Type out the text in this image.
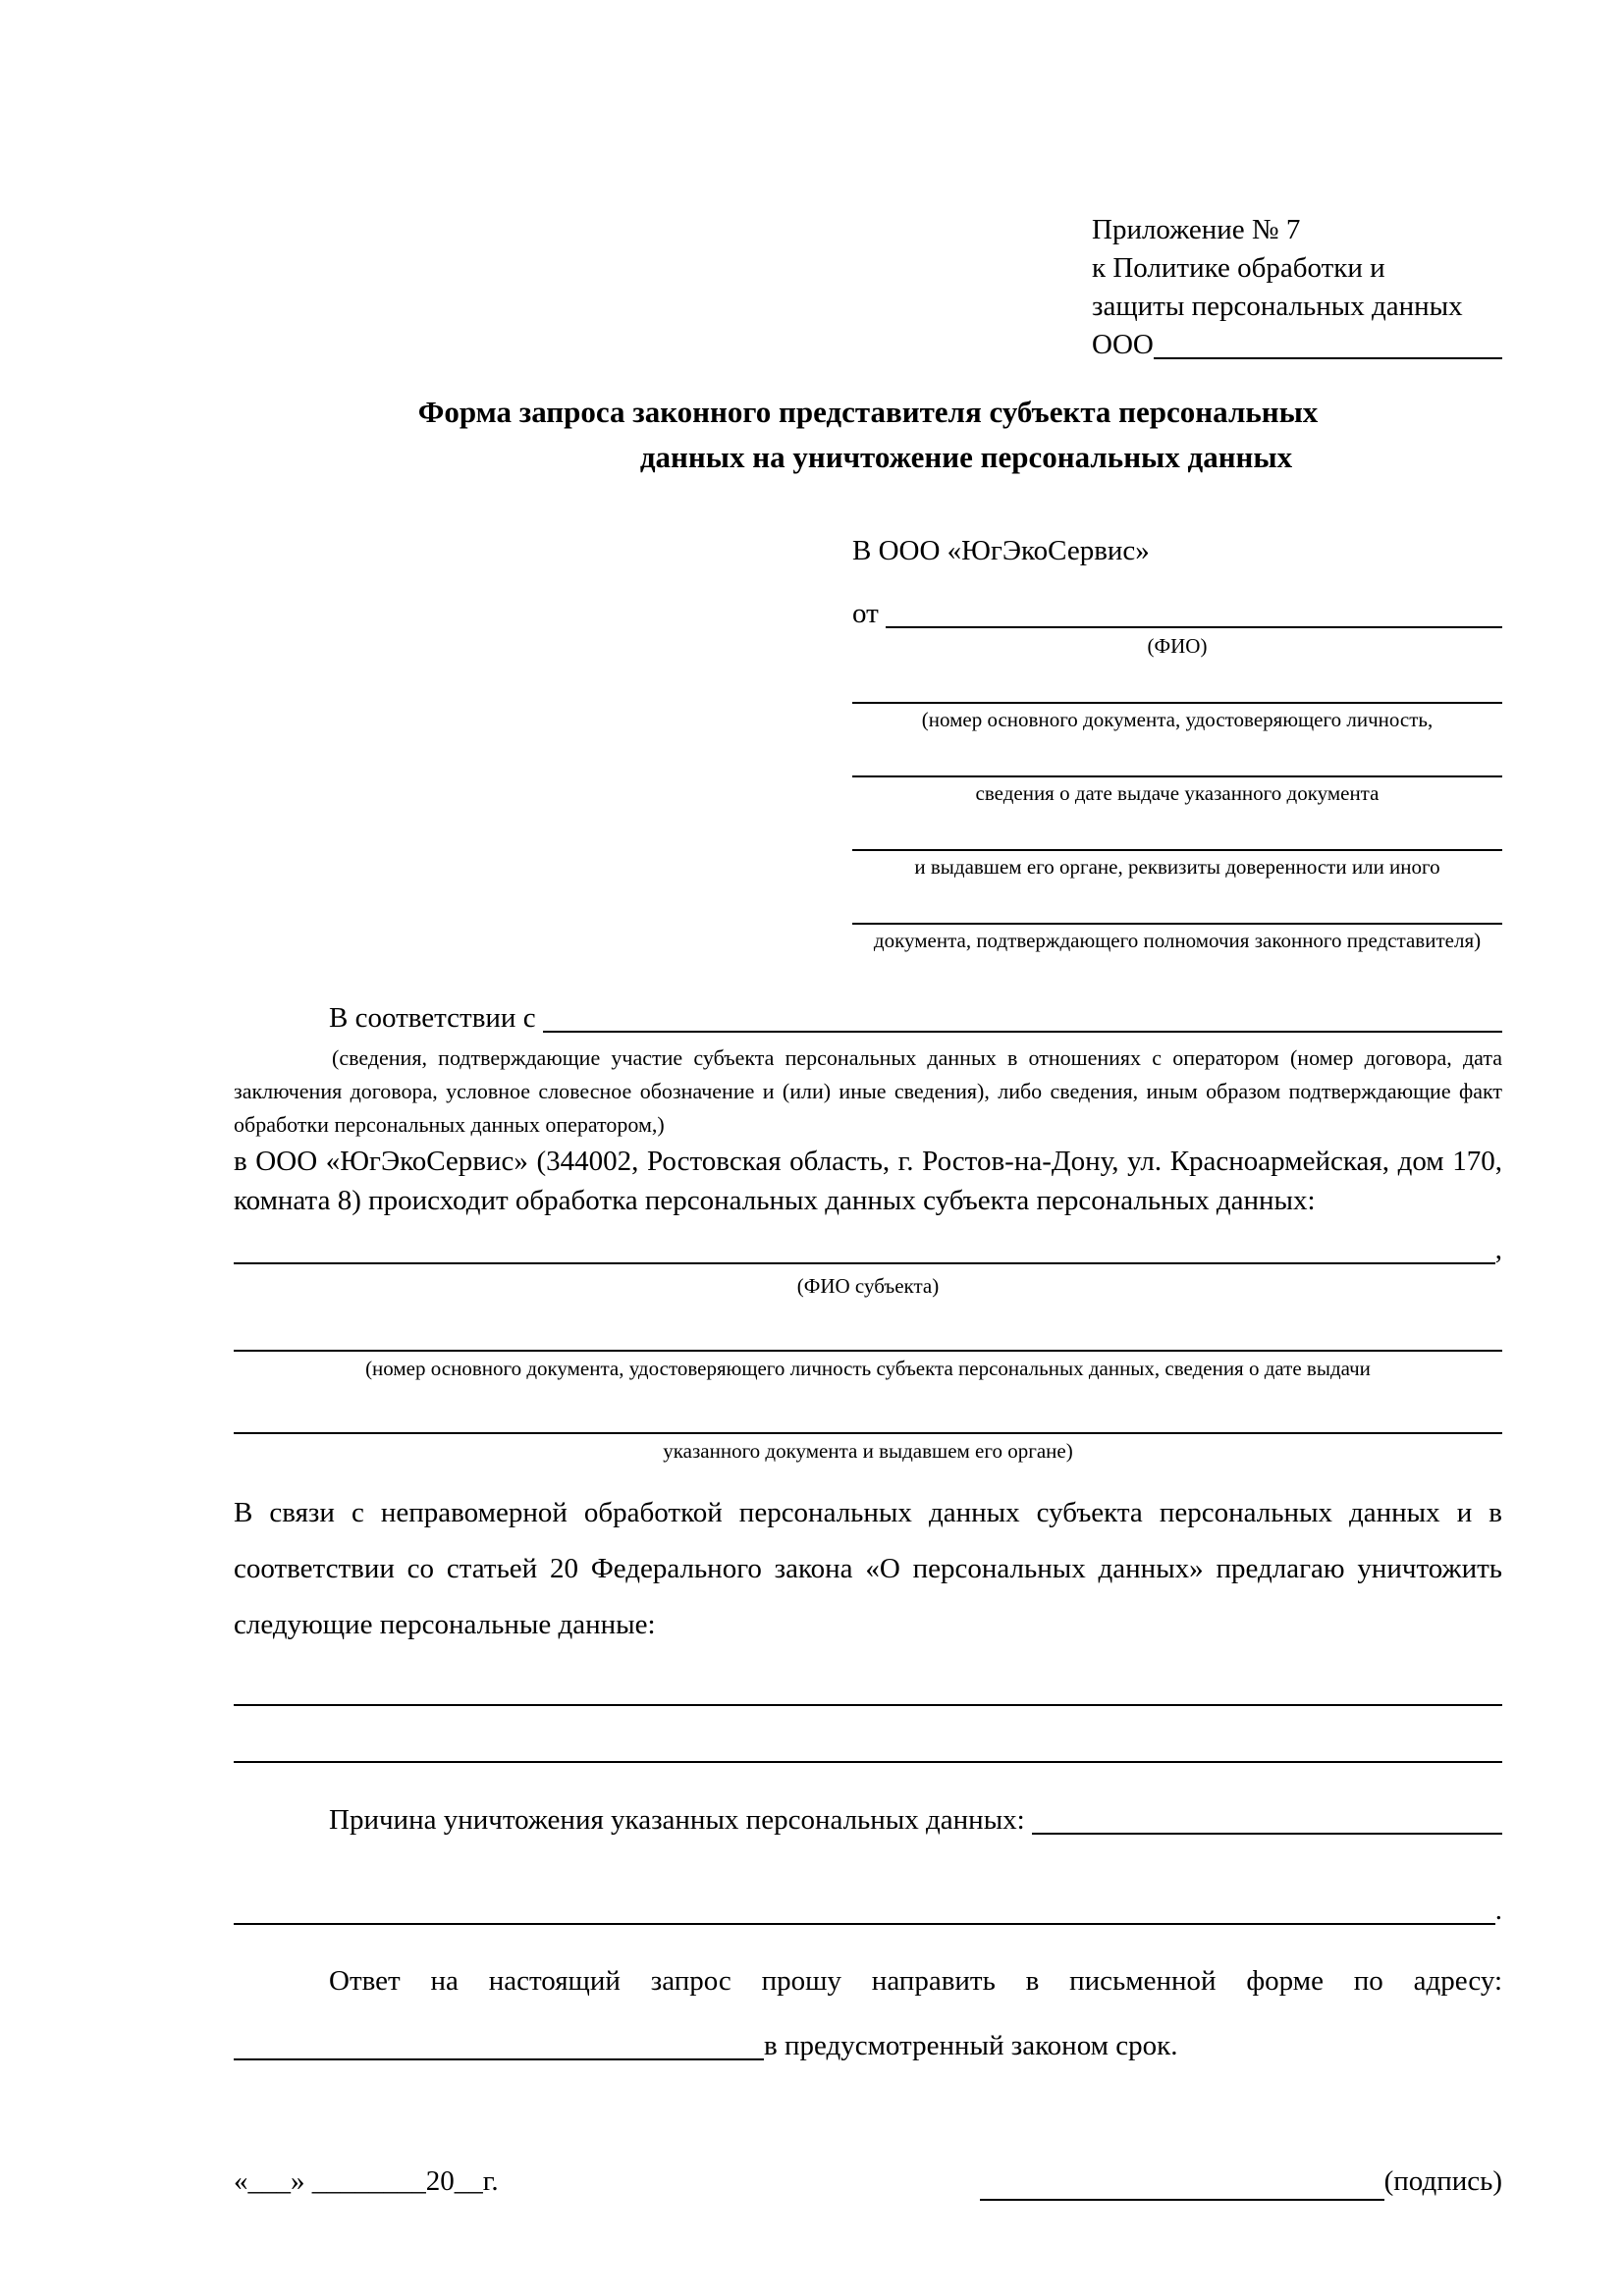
Приложение № 7
к Политике обработки и
защиты персональных данных
ООО
Форма запроса законного представителя субъекта персональных
данных на уничтожение персональных данных
В ООО «ЮгЭкоСервис»
от

(ФИО)
(номер основного документа, удостоверяющего личность,
сведения о дате выдаче указанного документа
и выдавшем его органе, реквизиты доверенности или иного
документа, подтверждающего полномочия законного представителя)
В соответствии с

(сведения, подтверждающие участие субъекта персональных данных в отношениях с оператором (номер договора, дата заключения договора, условное словесное обозначение и (или) иные сведения), либо сведения, иным образом подтверждающие факт обработки персональных данных оператором,)
в ООО «ЮгЭкоСервис» (344002, Ростовская область, г. Ростов-на-Дону, ул. Красноармейская, дом 170, комната 8) происходит обработка персональных данных субъекта персональных данных:
,
(ФИО субъекта)
(номер основного документа, удостоверяющего личность субъекта персональных данных, сведения о дате выдачи
указанного документа и выдавшем его органе)
В связи с неправомерной обработкой персональных данных субъекта персональных данных и в соответствии со статьей 20 Федерального закона «О персональных данных» предлагаю уничтожить следующие персональные данные:
Причина уничтожения указанных персональных данных:

.
Ответ на настоящий запрос прошу направить в письменной форме по адресу:
в предусмотренный законом срок.
«___» ________20__г.	(подпись)
